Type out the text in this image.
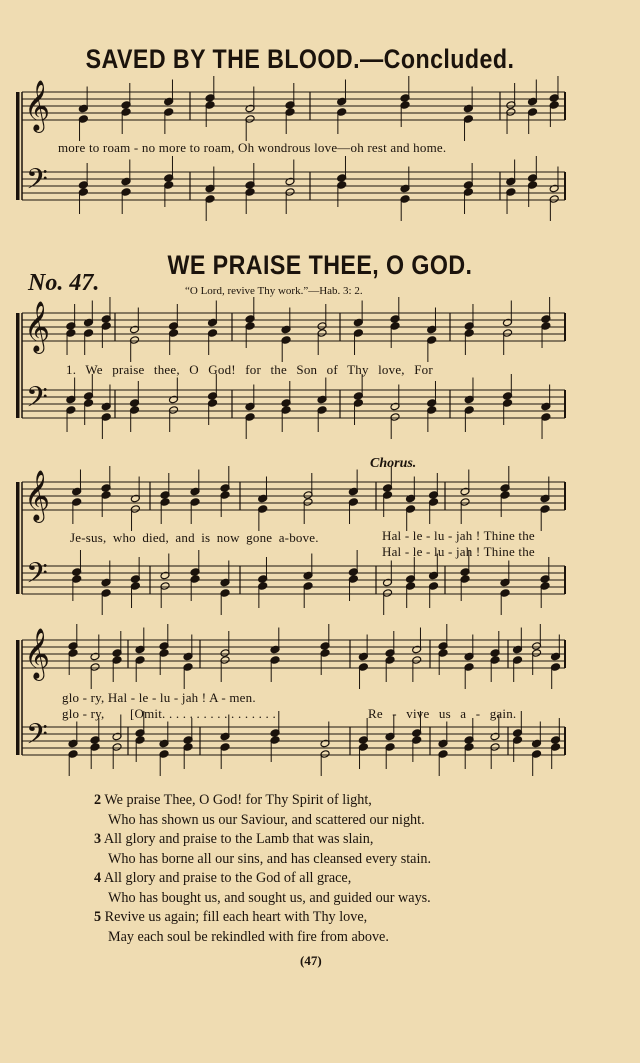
SAVED BY THE BLOOD.—Concluded.
more to roam - no more to roam, Oh wondrous love—oh rest and home.
No. 47.
WE PRAISE THEE, O GOD.
“O Lord, revive Thy work.”—Hab. 3: 2.
1. We praise thee, O God! for the Son of Thy love, For
Chorus.
Je-sus, who died, and is now gone a-bove.	Hal - le - lu - jah ! Thine the
Hal - le - lu - jah ! Thine the
glo - ry, Hal - le - lu - jah ! A - men.
glo - ry, [Omit. . . . . . . . . . . . . . . . .	Re - vive us a - gain.
2 We praise Thee, O God! for Thy Spirit of light,
Who has shown us our Saviour, and scattered our night.
3 All glory and praise to the Lamb that was slain,
Who has borne all our sins, and has cleansed every stain.
4 All glory and praise to the God of all grace,
Who has bought us, and sought us, and guided our ways.
5 Revive us again; fill each heart with Thy love,
May each soul be rekindled with fire from above.
(47)
𝄞
𝄢
𝄞
𝄢
𝄞
𝄢
𝄞
𝄢
